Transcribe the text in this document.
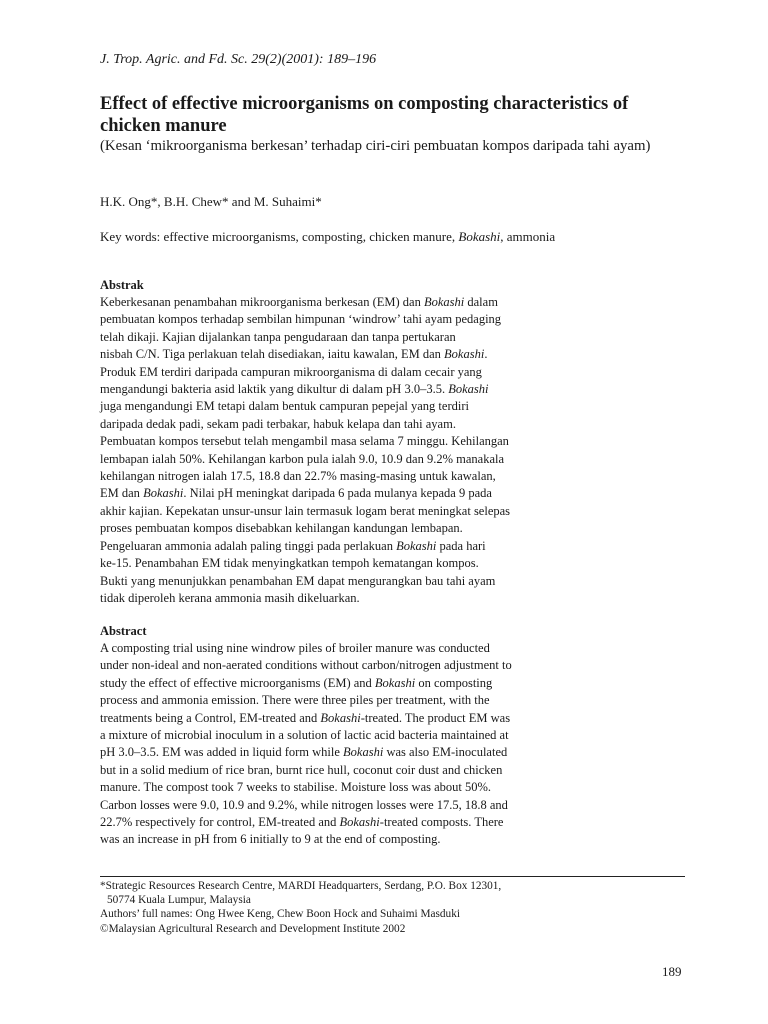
J. Trop. Agric. and Fd. Sc. 29(2)(2001): 189–196
Effect of effective microorganisms on composting characteristics of chicken manure
(Kesan ‘mikroorganisma berkesan’ terhadap ciri-ciri pembuatan kompos daripada tahi ayam)
H.K. Ong*, B.H. Chew* and M. Suhaimi*
Key words: effective microorganisms, composting, chicken manure, Bokashi, ammonia
Abstrak
Keberkesanan penambahan mikroorganisma berkesan (EM) dan Bokashi dalam
pembuatan kompos terhadap sembilan himpunan ‘windrow’ tahi ayam pedaging
telah dikaji. Kajian dijalankan tanpa pengudaraan dan tanpa pertukaran
nisbah C/N. Tiga perlakuan telah disediakan, iaitu kawalan, EM dan Bokashi.
Produk EM terdiri daripada campuran mikroorganisma di dalam cecair yang
mengandungi bakteria asid laktik yang dikultur di dalam pH 3.0–3.5. Bokashi
juga mengandungi EM tetapi dalam bentuk campuran pepejal yang terdiri
daripada dedak padi, sekam padi terbakar, habuk kelapa dan tahi ayam.
Pembuatan kompos tersebut telah mengambil masa selama 7 minggu. Kehilangan
lembapan ialah 50%. Kehilangan karbon pula ialah 9.0, 10.9 dan 9.2% manakala
kehilangan nitrogen ialah 17.5, 18.8 dan 22.7% masing-masing untuk kawalan,
EM dan Bokashi. Nilai pH meningkat daripada 6 pada mulanya kepada 9 pada
akhir kajian. Kepekatan unsur-unsur lain termasuk logam berat meningkat selepas
proses pembuatan kompos disebabkan kehilangan kandungan lembapan.
Pengeluaran ammonia adalah paling tinggi pada perlakuan Bokashi pada hari
ke-15. Penambahan EM tidak menyingkatkan tempoh kematangan kompos.
Bukti yang menunjukkan penambahan EM dapat mengurangkan bau tahi ayam
tidak diperoleh kerana ammonia masih dikeluarkan.
Abstract
A composting trial using nine windrow piles of broiler manure was conducted
under non-ideal and non-aerated conditions without carbon/nitrogen adjustment to
study the effect of effective microorganisms (EM) and Bokashi on composting
process and ammonia emission. There were three piles per treatment, with the
treatments being a Control, EM-treated and Bokashi-treated. The product EM was
a mixture of microbial inoculum in a solution of lactic acid bacteria maintained at
pH 3.0–3.5. EM was added in liquid form while Bokashi was also EM-inoculated
but in a solid medium of rice bran, burnt rice hull, coconut coir dust and chicken
manure. The compost took 7 weeks to stabilise. Moisture loss was about 50%.
Carbon losses were 9.0, 10.9 and 9.2%, while nitrogen losses were 17.5, 18.8 and
22.7% respectively for control, EM-treated and Bokashi-treated composts. There
was an increase in pH from 6 initially to 9 at the end of composting.
*Strategic Resources Research Centre, MARDI Headquarters, Serdang, P.O. Box 12301,
50774 Kuala Lumpur, Malaysia
Authors’ full names: Ong Hwee Keng, Chew Boon Hock and Suhaimi Masduki
©Malaysian Agricultural Research and Development Institute 2002
189
